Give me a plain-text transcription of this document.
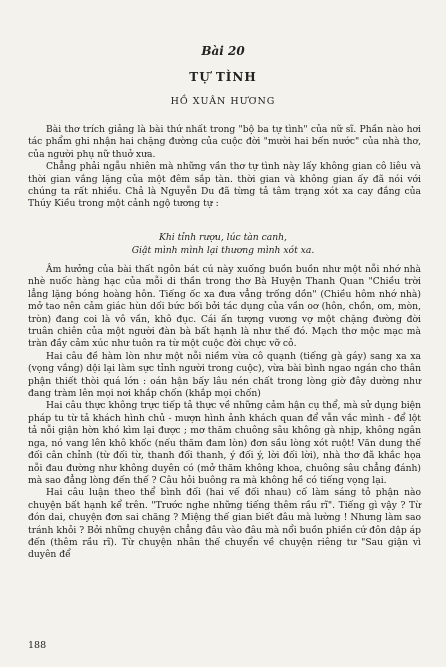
Bài 20
TỰ TÌNH
HỒ XUÂN HƯƠNG

Bài thơ trích giảng là bài thứ nhất trong "bộ ba tự tình" của nữ sĩ. Phần nào hơi tác phẩm ghi nhận hai chặng đường của cuộc đời "mười hai bến nước" của nhà thơ, của người phụ nữ thuở xưa.

Chẳng phải ngẫu nhiên mà những vần thơ tự tình này lấy không gian cô liêu và thời gian vắng lặng của một đêm sắp tàn. thời gian và không gian ấy đã nói với chúng ta rất nhiều. Chả là Nguyễn Du đã từng tả tâm trạng xót xa cay đắng của Thúy Kiều trong một cảnh ngộ tương tự :

Khi tỉnh rượu, lúc tàn canh,
Giật mình mình lại thương mình xót xa.

Âm hưởng của bài thất ngôn bát cú này xuống buồn buồn như một nỗi nhớ nhà nhè nuốc hàng hạc của mỗi di thần trong thơ Bà Huyện Thanh Quan "Chiều trời lẳng lặng bóng hoàng hôn. Tiếng ốc xa đưa vẳng trống dồn" (Chiều hôm nhớ nhà) mở tao nên cảm giác hùn dối bức bối bởi tác dụng của vần oơ (hôn, chồn, om, mòn, tròn) đang coi là vô vần, khô đục. Cái ấn tượng vương vợ một chặng đường đời truân chiên của một người đàn bà bất hạnh là như thế đó. Mạch thơ mộc mạc mà tràn đầy cảm xúc như tuôn ra từ một cuộc đời chực vỡ cỏ.

Hai câu đề hàm lòn như một nỗi niềm vừa cô quạnh (tiếng gà gáy) sang xa xa (vọng vắng) dội lại làm sực tỉnh người trong cuộc), vừa bài bình ngao ngán cho thân phận thiết thòi quá lớn : oán hận bấy lâu nén chất trong lòng giờ đây dường như đang tràm lên mọi nơi khắp chốn (khắp mọi chốn)

Hai câu thực không trực tiếp tả thực về những cảm hận cụ thể, mà sử dụng biện pháp tu từ tả khách hình chủ - mượn hình ảnh khách quan để vẫn vắc mình - để lột tả nỗi giận hờn khó kìm lại được ; mơ thăm chuông sâu không gà nhịp, không ngân nga, nó vang lên khô khốc (nếu thăm đam lòn) đơn sầu lòng xót ruột! Văn dung thế đối cân chỉnh (từ đối từ, thanh đối thanh, ý đối ý, lời đối lời), nhà thơ đã khắc họa nỗi đau đường như không duyên có (mở thăm không khoa, chuông sâu chẳng đánh) mà sao đẳng lòng đến thế ? Câu hỏi buông ra mà không hề có tiếng vọng lại.

Hai câu luận theo thể bình đối (hai vế đối nhau) cố làm sáng tỏ phận nào chuyện bất hạnh kể trên. "Trước nghe những tiếng thêm rầu rĩ". Tiếng gì vậy ? Từ đón dai, chuyện đơn sai chăng ? Miệng thế gian biết đâu mà lường ! Nhưng làm sao tránh khỏi ? Bởi những chuyện chẳng đâu vào đâu mà nổi buồn phiền cứ đôn dập áp đến (thêm rầu rĩ). Từ chuyện nhân thế chuyển về chuyện riêng tư "Sau giận vì duyên để

188
